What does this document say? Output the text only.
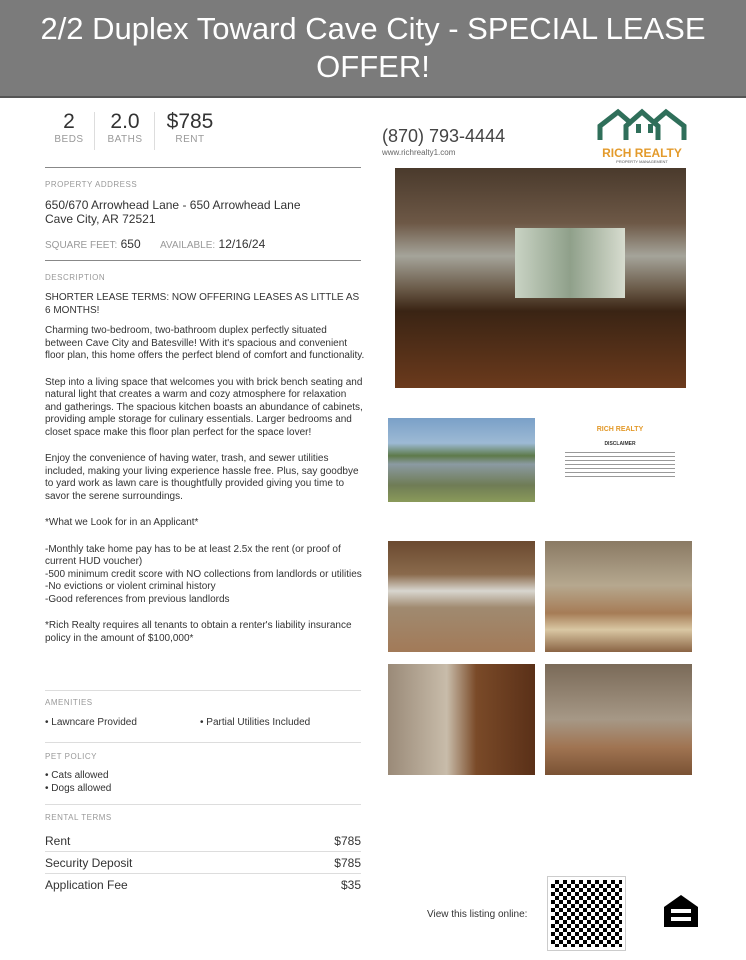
2/2 Duplex Toward Cave City - SPECIAL LEASE OFFER!
2
BEDS
2.0
BATHS
$785
RENT	(870) 793-4444
www.richrealty1.com	RICH REALTY
PROPERTY MANAGEMENT
PROPERTY ADDRESS
650/670 Arrowhead Lane - 650 Arrowhead Lane
Cave City, AR 72521
SQUARE FEET: 650 AVAILABLE: 12/16/24
DESCRIPTION

SHORTER LEASE TERMS: NOW OFFERING LEASES AS LITTLE AS 6 MONTHS!

Charming two-bedroom, two-bathroom duplex perfectly situated between Cave City and Batesville! With it's spacious and convenient floor plan, this home offers the perfect blend of comfort and functionality.

Step into a living space that welcomes you with brick bench seating and natural light that creates a warm and cozy atmosphere for relaxation and gatherings. The spacious kitchen boasts an abundance of cabinets, providing ample storage for culinary essentials. Larger bedrooms and closet space make this floor plan perfect for the space lover!

Enjoy the convenience of having water, trash, and sewer utilities included, making your living experience hassle free. Plus, say goodbye to yard work as lawn care is thoughtfully provided giving you time to savor the serene surroundings.

*What we Look for in an Applicant*

-Monthly take home pay has to be at least 2.5x the rent (or proof of current HUD voucher)
-500 minimum credit score with NO collections from landlords or utilities
-No evictions or violent criminal history
-Good references from previous landlords

*Rich Realty requires all tenants to obtain a renter's liability insurance policy in the amount of $100,000*

AMENITIES
• Lawncare Provided	• Partial Utilities Included
PET POLICY
• Cats allowed
• Dogs allowed
RENTAL TERMS
Rent	$785
Security Deposit	$785
Application Fee	$35
RICH REALTY
DISCLAIMER
View this listing online:
